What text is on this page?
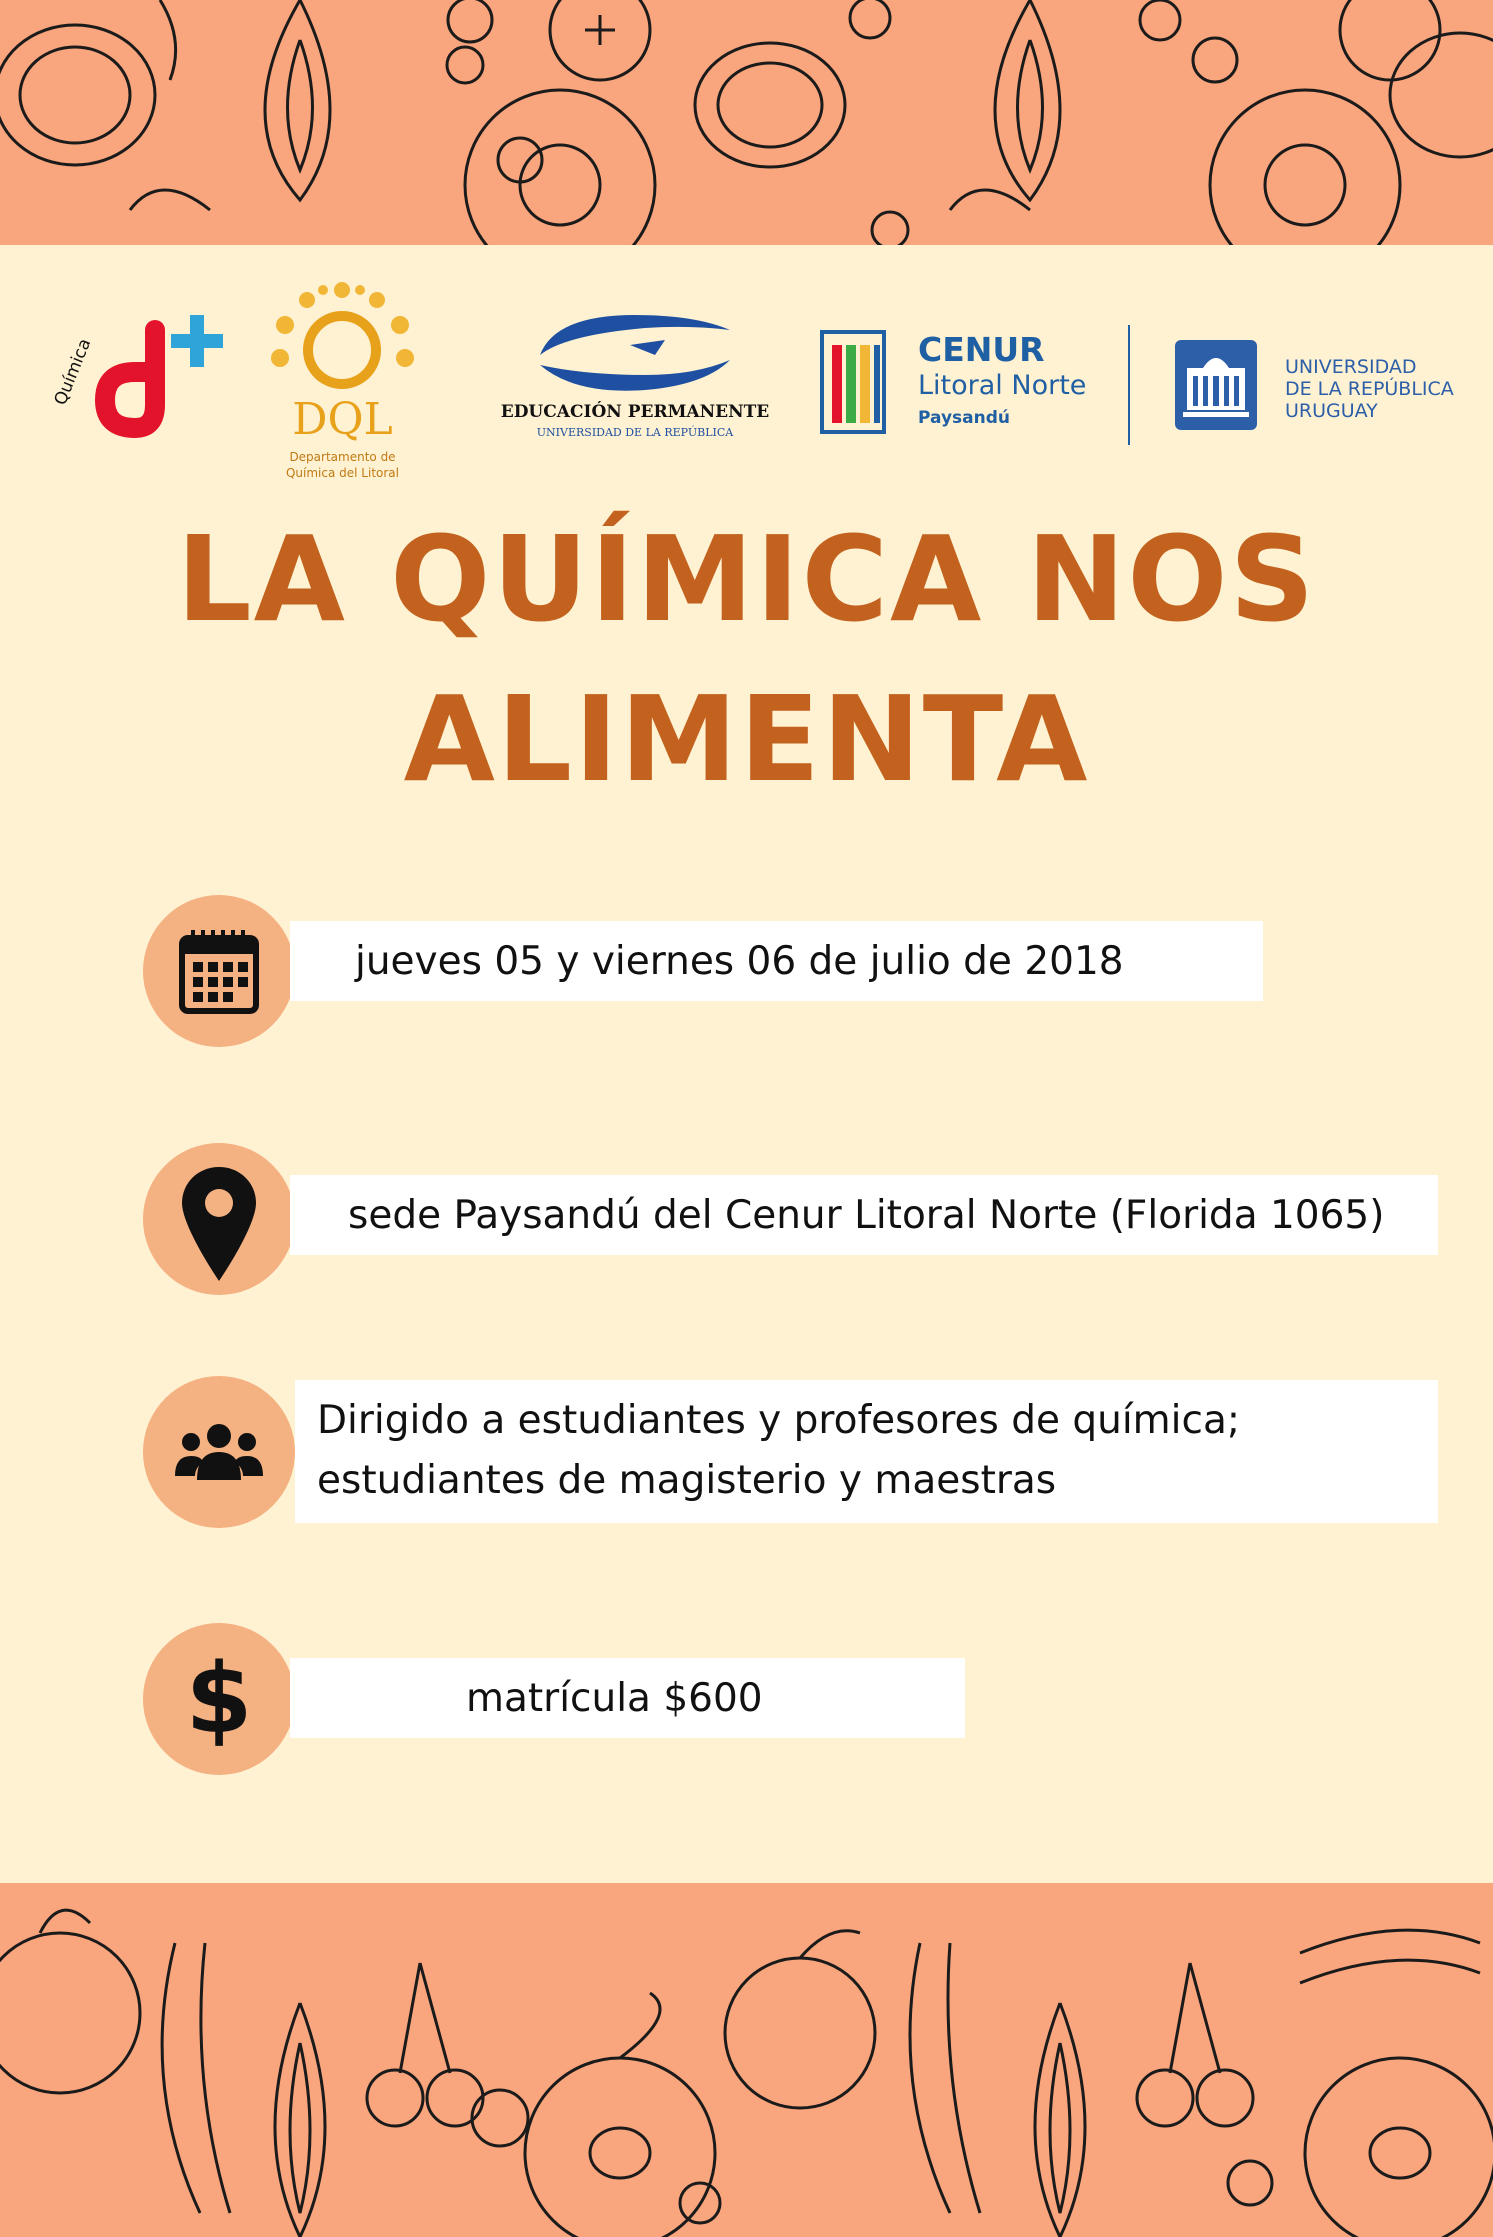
Química
DQL
Departamento de
Química del Litoral
EDUCACIÓN PERMANENTE
UNIVERSIDAD DE LA REPÚBLICA
CENUR
Litoral Norte
Paysandú
UNIVERSIDAD
DE LA REPÚBLICA
URUGUAY
LA QUÍMICA NOS
ALIMENTA
jueves 05 y viernes 06 de julio de 2018
sede Paysandú del Cenur Litoral Norte (Florida 1065)
Dirigido a estudiantes y profesores de química;
estudiantes de magisterio y maestras
$	matrícula $600
